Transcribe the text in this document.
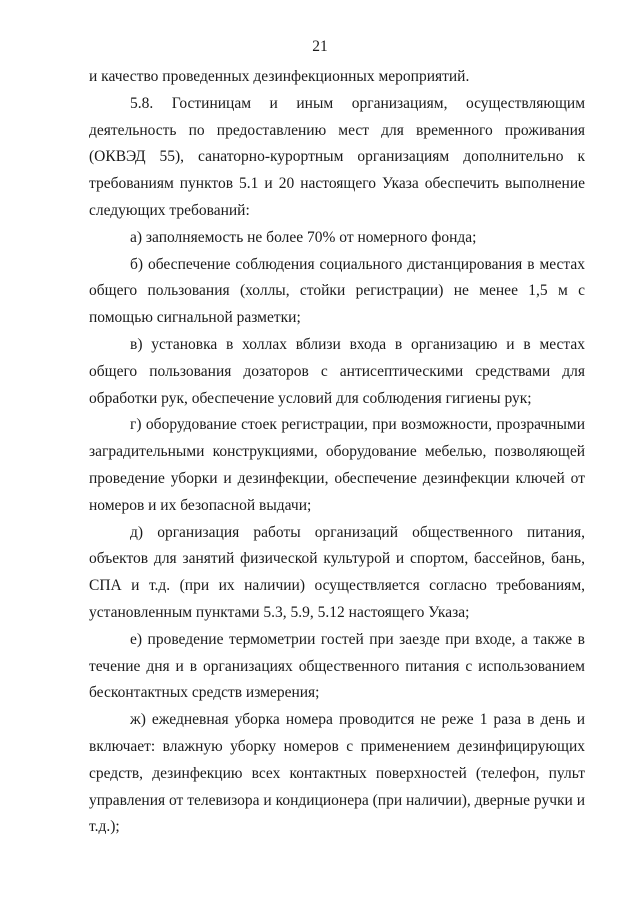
21

и качество проведенных дезинфекционных мероприятий.

5.8. Гостиницам и иным организациям, осуществляющим деятельность по предоставлению мест для временного проживания (ОКВЭД 55), санаторно-курортным организациям дополнительно к требованиям пунктов 5.1 и 20 настоящего Указа обеспечить выполнение следующих требований:

а) заполняемость не более 70% от номерного фонда;

б) обеспечение соблюдения социального дистанцирования в местах общего пользования (холлы, стойки регистрации) не менее 1,5 м с помощью сигнальной разметки;

в) установка в холлах вблизи входа в организацию и в местах общего пользования дозаторов с антисептическими средствами для обработки рук, обеспечение условий для соблюдения гигиены рук;

г) оборудование стоек регистрации, при возможности, прозрачными заградительными конструкциями, оборудование мебелью, позволяющей проведение уборки и дезинфекции, обеспечение дезинфекции ключей от номеров и их безопасной выдачи;

д) организация работы организаций общественного питания, объектов для занятий физической культурой и спортом, бассейнов, бань, СПА и т.д. (при их наличии) осуществляется согласно требованиям, установленным пунктами 5.3, 5.9, 5.12 настоящего Указа;

е) проведение термометрии гостей при заезде при входе, а также в течение дня и в организациях общественного питания с использованием бесконтактных средств измерения;

ж) ежедневная уборка номера проводится не реже 1 раза в день и включает: влажную уборку номеров с применением дезинфицирующих средств, дезинфекцию всех контактных поверхностей (телефон, пульт управления от телевизора и кондиционера (при наличии), дверные ручки и т.д.);
